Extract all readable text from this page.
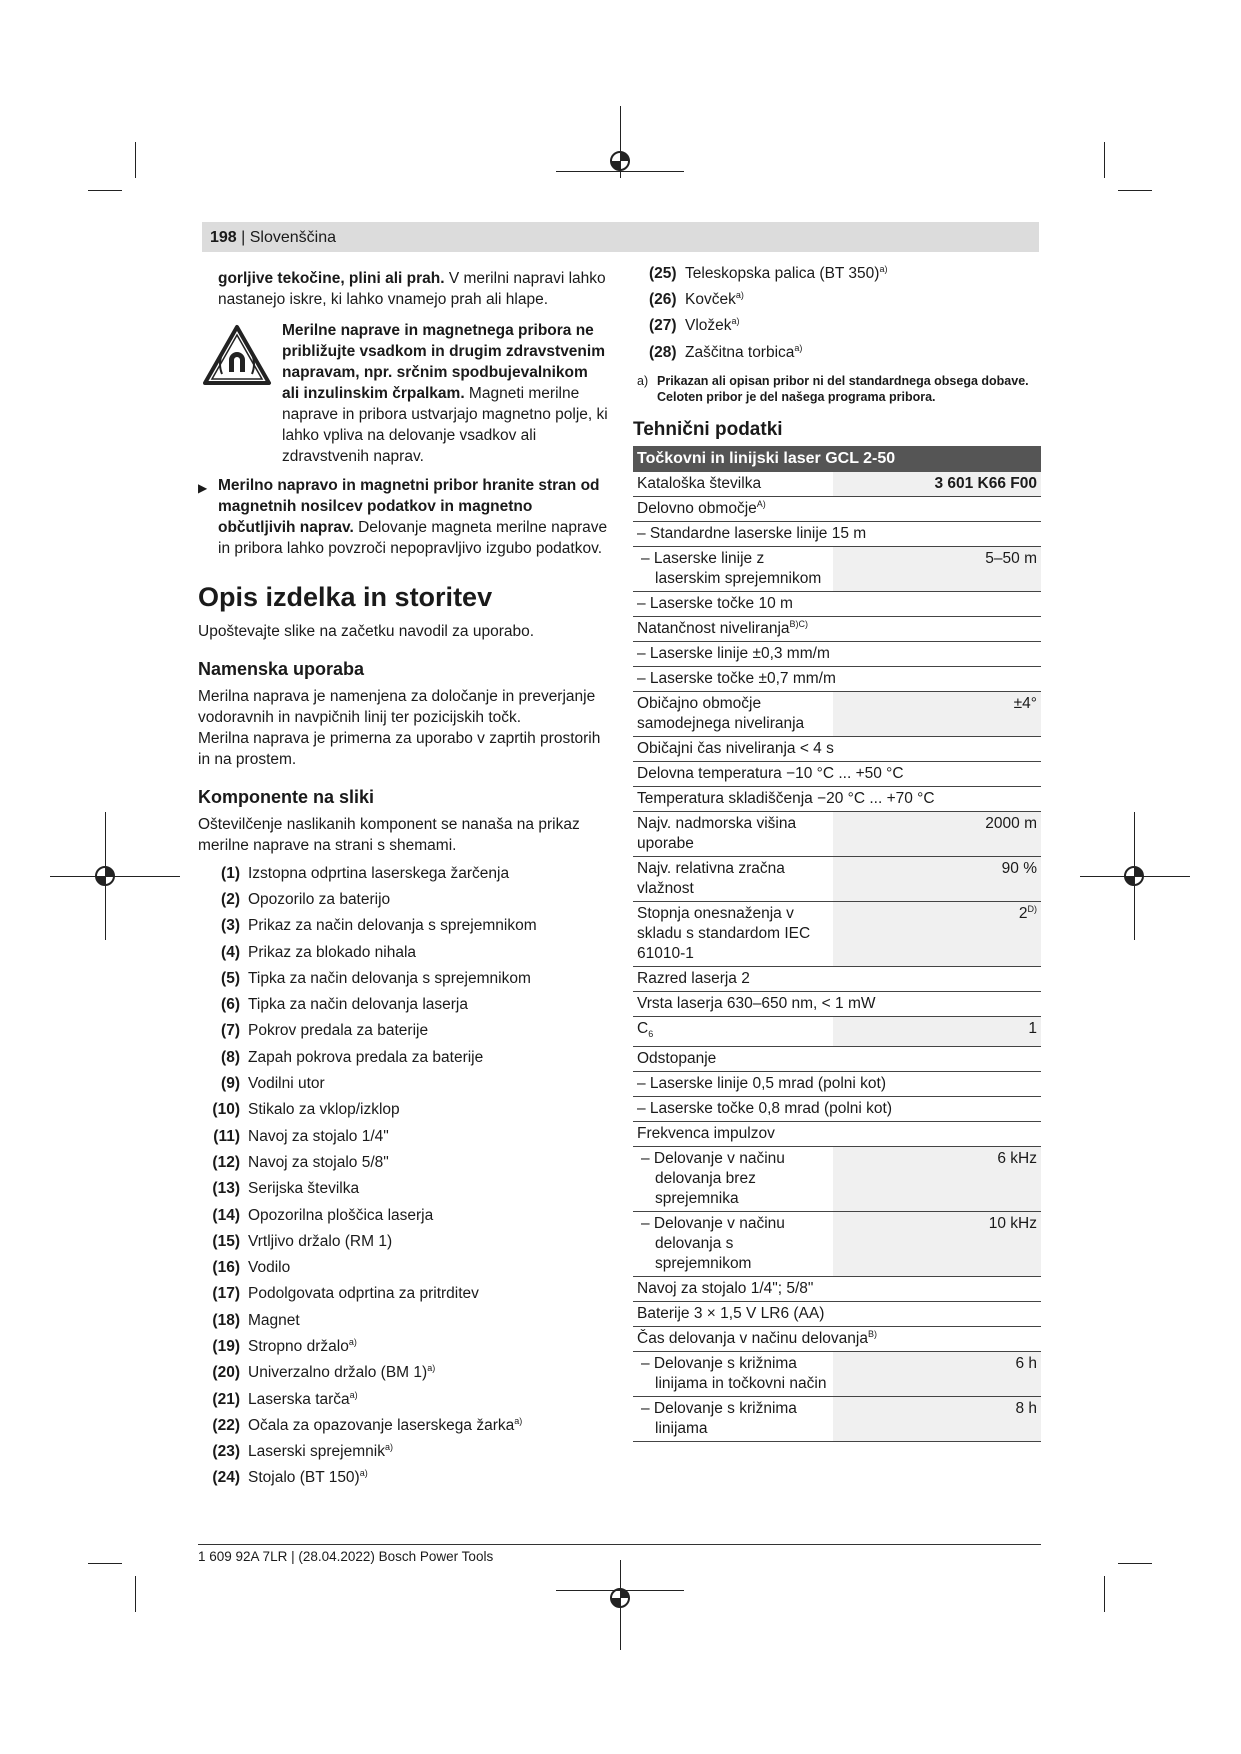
198 | Slovenščina

gorljive tekočine, plini ali prah. V merilni napravi lahko nastanejo iskre, ki lahko vnamejo prah ali hlape.

Merilne naprave in magnetnega pribora ne približujte vsadkom in drugim zdravstvenim napravam, npr. srčnim spodbujevalnikom ali inzulinskim črpalkam. Magneti merilne naprave in pribora ustvarjajo magnetno polje, ki lahko vpliva na delovanje vsadkov ali zdravstvenih naprav.

▶ Merilno napravo in magnetni pribor hranite stran od magnetnih nosilcev podatkov in magnetno občutljivih naprav. Delovanje magneta merilne naprave in pribora lahko povzroči nepopravljivo izgubo podatkov.

Opis izdelka in storitev

Upoštevajte slike na začetku navodil za uporabo.

Namenska uporaba

Merilna naprava je namenjena za določanje in preverjanje vodoravnih in navpičnih linij ter pozicijskih točk.

Merilna naprava je primerna za uporabo v zaprtih prostorih in na prostem.

Komponente na sliki

Oštevilčenje naslikanih komponent se nanaša na prikaz merilne naprave na strani s shemami.

(1) Izstopna odprtina laserskega žarčenja
(2) Opozorilo za baterijo
(3) Prikaz za način delovanja s sprejemnikom
(4) Prikaz za blokado nihala
(5) Tipka za način delovanja s sprejemnikom
(6) Tipka za način delovanja laserja
(7) Pokrov predala za baterije
(8) Zapah pokrova predala za baterije
(9) Vodilni utor
(10) Stikalo za vklop/izklop
(11) Navoj za stojalo 1/4"
(12) Navoj za stojalo 5/8"
(13) Serijska številka
(14) Opozorilna ploščica laserja
(15) Vrtljivo držalo (RM 1)
(16) Vodilo
(17) Podolgovata odprtina za pritrditev
(18) Magnet
(19) Stropno držalo$^{a)}$
(20) Univerzalno držalo (BM 1)$^{a)}$
(21) Laserska tarča$^{a)}$
(22) Očala za opazovanje laserskega žarka$^{a)}$
(23) Laserski sprejemnik$^{a)}$
(24) Stojalo (BT 150)$^{a)}$
(25) Teleskopska palica (BT 350)$^{a)}$
(26) Kovček$^{a)}$
(27) Vložek$^{a)}$
(28) Zaščitna torbica$^{a)}$
a) Prikazan ali opisan pribor ni del standardnega obsega dobave. Celoten pribor je del našega programa pribora.
Tehnični podatki
Točkovni in linijski laser GCL 2-50	
Kataloška številka	3 601 K66 F00
Delovno območje$^{A)}$
– Standardne laserske linije 15 m	

– Laserske linije z laserskim sprejemnikom	5–50 m
– Laserske točke 10 m	
Natančnost niveliranja$^{B)C)}$
– Laserske linije ±0,3 mm/m	
– Laserske točke ±0,7 mm/m	
Običajno območje samodejnega niveliranja	±4°
Običajni čas niveliranja < 4 s	
Delovna temperatura −10 °C ... +50 °C	
Temperatura skladiščenja −20 °C ... +70 °C	
Najv. nadmorska višina uporabe	2000 m
Najv. relativna zračna vlažnost	90 %
Stopnja onesnaženja v skladu s standardom IEC 61010-1	$2^{D)}$
Razred laserja 2	
Vrsta laserja 630–650 nm, < 1 mW	
$C_6$	1
Odstopanje	
– Laserske linije 0,5 mrad (polni kot)	
– Laserske točke 0,8 mrad (polni kot)	
Frekvenca impulzov	

– Delovanje v načinu delovanja brez sprejemnika	6 kHz

– Delovanje v načinu delovanja s sprejemnikom	10 kHz
Navoj za stojalo 1/4"; 5/8"	
Baterije 3 × 1,5 V LR6 (AA)	
Čas delovanja v načinu delovanja$^{B)}$

– Delovanje s križnima linijama in točkovni način	6 h

– Delovanje s križnima linijama	8 h
1 609 92A 7LR | (28.04.2022) Bosch Power Tools
